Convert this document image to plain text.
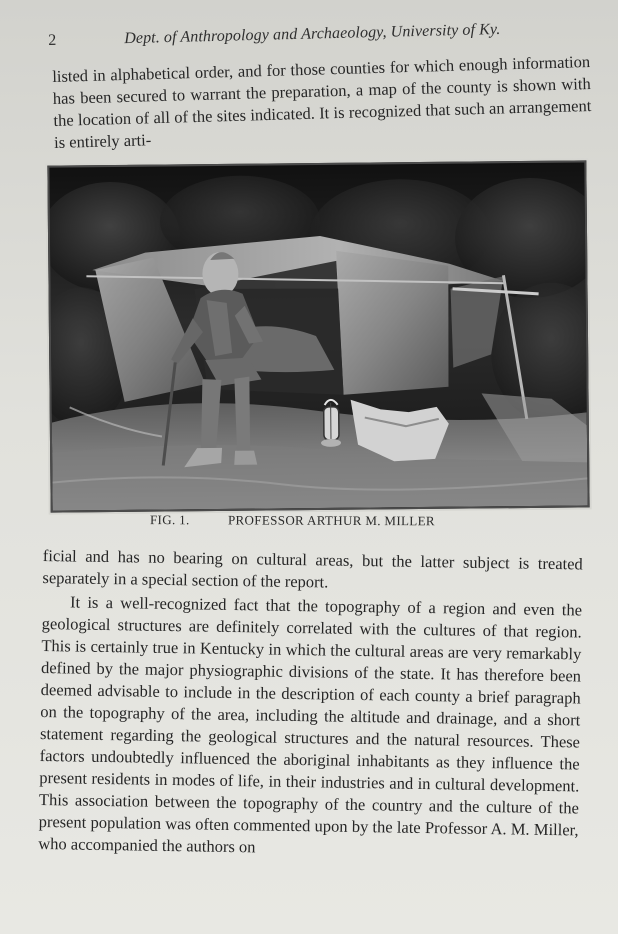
2	Dept. of Anthropology and Archaeology, University of Ky.

listed in alphabetical order, and for those counties for which enough information has been secured to warrant the preparation, a map of the county is shown with the location of all of the sites indicated. It is recognized that such an arrangement is entirely arti-

FIG. 1.	PROFESSOR ARTHUR M. MILLER

ficial and has no bearing on cultural areas, but the latter subject is treated separately in a special section of the report.

It is a well-recognized fact that the topography of a region and even the geological structures are definitely correlated with the cultures of that region. This is certainly true in Kentucky in which the cultural areas are very remarkably defined by the major physiographic divisions of the state. It has therefore been deemed advisable to include in the description of each county a brief paragraph on the topography of the area, including the altitude and drainage, and a short statement regarding the geological structures and the natural resources. These factors undoubtedly influenced the aboriginal inhabitants as they influence the present residents in modes of life, in their industries and in cultural development. This association between the topography of the country and the culture of the present population was often commented upon by the late Professor A. M. Miller, who accompanied the authors on
